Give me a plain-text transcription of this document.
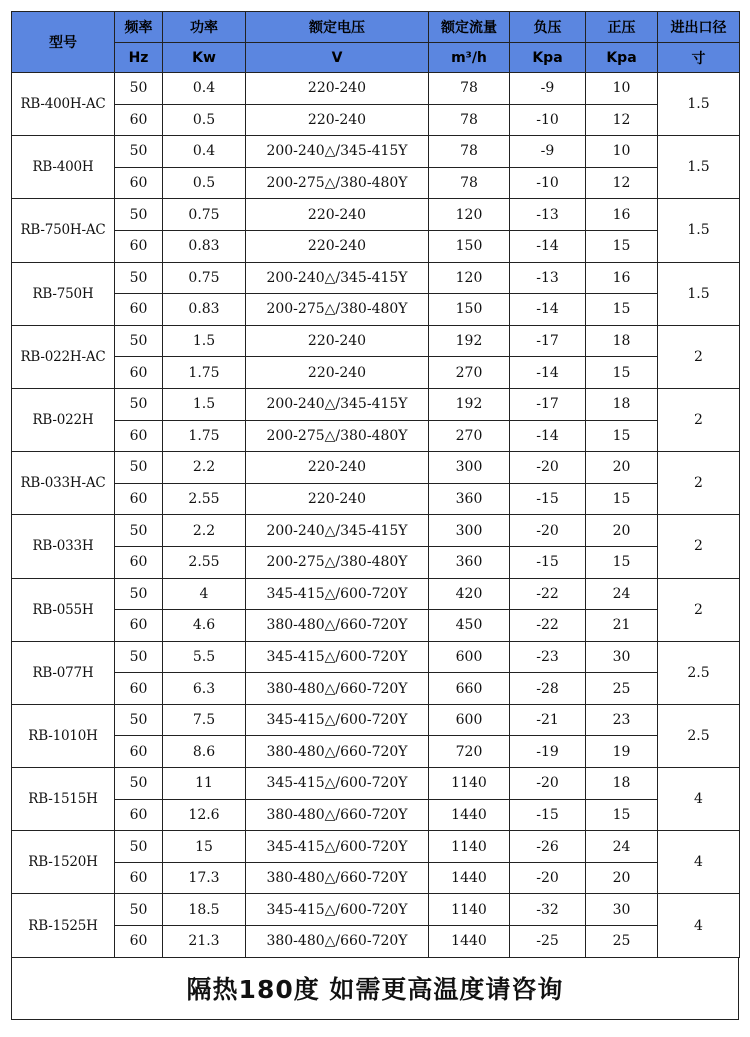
型号	频率	功率	额定电压	额定流量	负压	正压	进出口径
	Hz	Kw	V	m³/h	Kpa	Kpa	寸
RB-400H-AC	50	0.4	220-240	78	-9	10	1.5
	60	0.5	220-240	78	-10	12	
RB-400H	50	0.4	200-240△/345-415Y	78	-9	10	1.5
	60	0.5	200-275△/380-480Y	78	-10	12	
RB-750H-AC	50	0.75	220-240	120	-13	16	1.5
	60	0.83	220-240	150	-14	15	
RB-750H	50	0.75	200-240△/345-415Y	120	-13	16	1.5
	60	0.83	200-275△/380-480Y	150	-14	15	
RB-022H-AC	50	1.5	220-240	192	-17	18	2
	60	1.75	220-240	270	-14	15	
RB-022H	50	1.5	200-240△/345-415Y	192	-17	18	2
	60	1.75	200-275△/380-480Y	270	-14	15	
RB-033H-AC	50	2.2	220-240	300	-20	20	2
	60	2.55	220-240	360	-15	15	
RB-033H	50	2.2	200-240△/345-415Y	300	-20	20	2
	60	2.55	200-275△/380-480Y	360	-15	15	
RB-055H	50	4	345-415△/600-720Y	420	-22	24	2
	60	4.6	380-480△/660-720Y	450	-22	21	
RB-077H	50	5.5	345-415△/600-720Y	600	-23	30	2.5
	60	6.3	380-480△/660-720Y	660	-28	25	
RB-1010H	50	7.5	345-415△/600-720Y	600	-21	23	2.5
	60	8.6	380-480△/660-720Y	720	-19	19	
RB-1515H	50	11	345-415△/600-720Y	1140	-20	18	4
	60	12.6	380-480△/660-720Y	1440	-15	15	
RB-1520H	50	15	345-415△/600-720Y	1140	-26	24	4
	60	17.3	380-480△/660-720Y	1440	-20	20	
RB-1525H	50	18.5	345-415△/600-720Y	1140	-32	30	4
	60	21.3	380-480△/660-720Y	1440	-25	25	
隔热180度 如需更高温度请咨询
